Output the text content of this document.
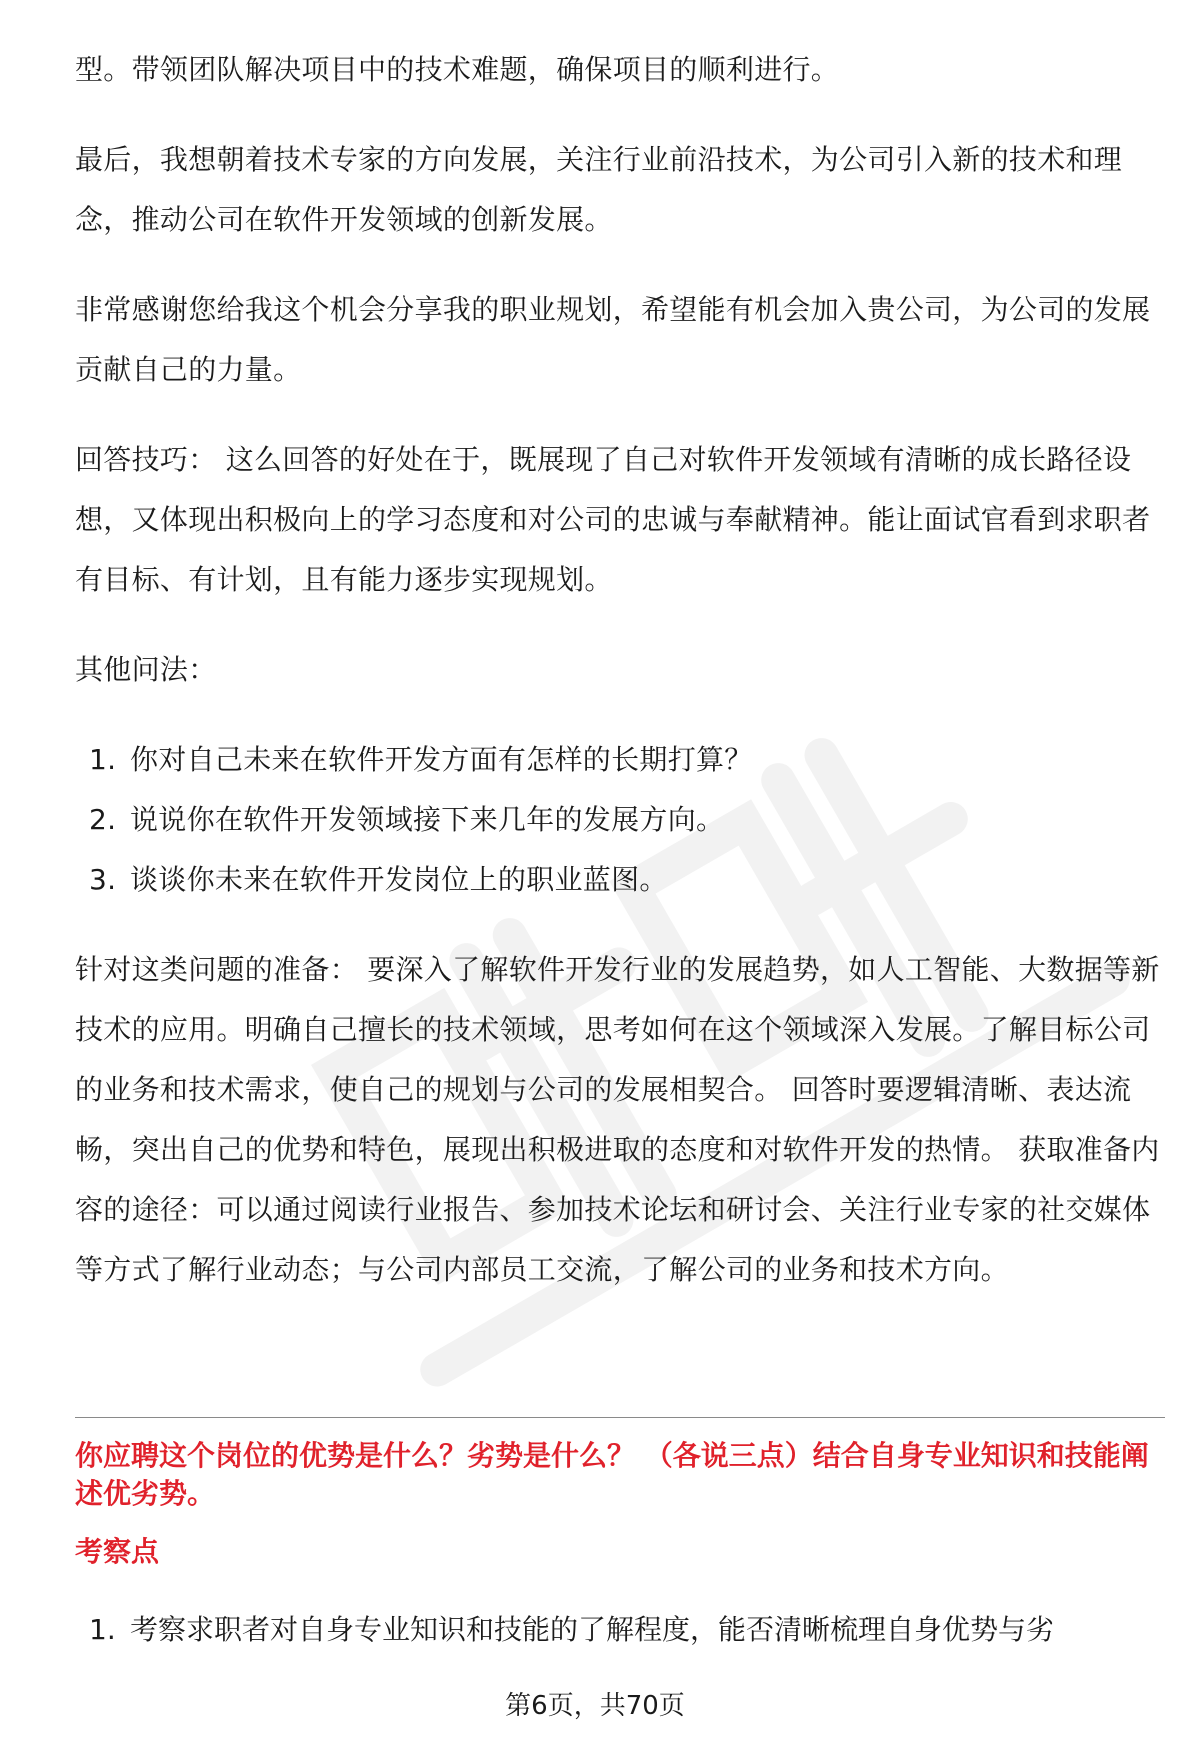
型。带领团队解决项目中的技术难题，确保项目的顺利进行。

最后，我想朝着技术专家的方向发展，关注行业前沿技术，为公司引入新的技术和理念，推动公司在软件开发领域的创新发展。

非常感谢您给我这个机会分享我的职业规划，希望能有机会加入贵公司，为公司的发展贡献自己的力量。

回答技巧： 这么回答的好处在于，既展现了自己对软件开发领域有清晰的成长路径设想，又体现出积极向上的学习态度和对公司的忠诚与奉献精神。能让面试官看到求职者有目标、有计划，且有能力逐步实现规划。

其他问法：

1. 你对自己未来在软件开发方面有怎样的长期打算？
2. 说说你在软件开发领域接下来几年的发展方向。
3. 谈谈你未来在软件开发岗位上的职业蓝图。

针对这类问题的准备： 要深入了解软件开发行业的发展趋势，如人工智能、大数据等新技术的应用。明确自己擅长的技术领域，思考如何在这个领域深入发展。了解目标公司的业务和技术需求，使自己的规划与公司的发展相契合。 回答时要逻辑清晰、表达流畅，突出自己的优势和特色，展现出积极进取的态度和对软件开发的热情。 获取准备内容的途径：可以通过阅读行业报告、参加技术论坛和研讨会、关注行业专家的社交媒体等方式了解行业动态；与公司内部员工交流，了解公司的业务和技术方向。

你应聘这个岗位的优势是什么？劣势是什么？ （各说三点）结合自身专业知识和技能阐述优劣势。
考察点
1. 考察求职者对自身专业知识和技能的了解程度，能否清晰梳理自身优势与劣
第6页，共70页
